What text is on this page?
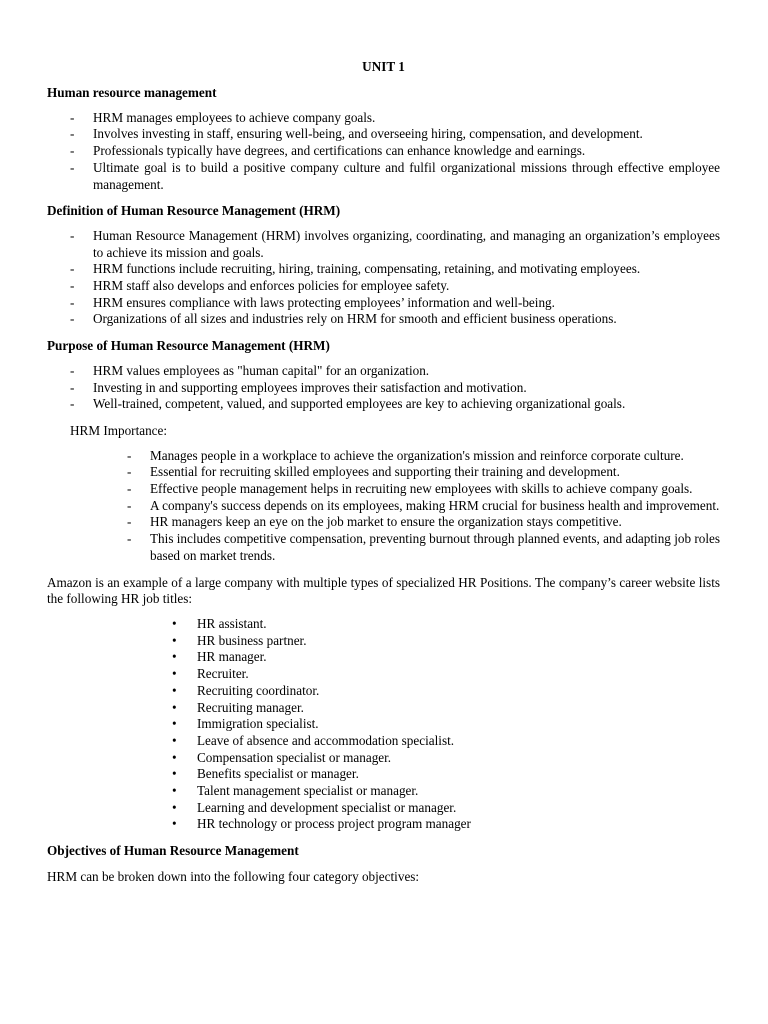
UNIT 1
Human resource management
- HRM manages employees to achieve company goals.
- Involves investing in staff, ensuring well-being, and overseeing hiring, compensation, and development.
- Professionals typically have degrees, and certifications can enhance knowledge and earnings.
- Ultimate goal is to build a positive company culture and fulfil organizational missions through effective employee management.
Definition of Human Resource Management (HRM)
- Human Resource Management (HRM) involves organizing, coordinating, and managing an organization’s employees to achieve its mission and goals.
- HRM functions include recruiting, hiring, training, compensating, retaining, and motivating employees.
- HRM staff also develops and enforces policies for employee safety.
- HRM ensures compliance with laws protecting employees’ information and well-being.
- Organizations of all sizes and industries rely on HRM for smooth and efficient business operations.
Purpose of Human Resource Management (HRM)
- HRM values employees as "human capital" for an organization.
- Investing in and supporting employees improves their satisfaction and motivation.
- Well-trained, competent, valued, and supported employees are key to achieving organizational goals.

HRM Importance:

- Manages people in a workplace to achieve the organization's mission and reinforce corporate culture.
- Essential for recruiting skilled employees and supporting their training and development.
- Effective people management helps in recruiting new employees with skills to achieve company goals.
- A company's success depends on its employees, making HRM crucial for business health and improvement.
- HR managers keep an eye on the job market to ensure the organization stays competitive.
- This includes competitive compensation, preventing burnout through planned events, and adapting job roles based on market trends.

Amazon is an example of a large company with multiple types of specialized HR Positions. The company’s career website lists the following HR job titles:

• HR assistant.
• HR business partner.
• HR manager.
• Recruiter.
• Recruiting coordinator.
• Recruiting manager.
• Immigration specialist.
• Leave of absence and accommodation specialist.
• Compensation specialist or manager.
• Benefits specialist or manager.
• Talent management specialist or manager.
• Learning and development specialist or manager.
• HR technology or process project program manager
Objectives of Human Resource Management

HRM can be broken down into the following four category objectives:
